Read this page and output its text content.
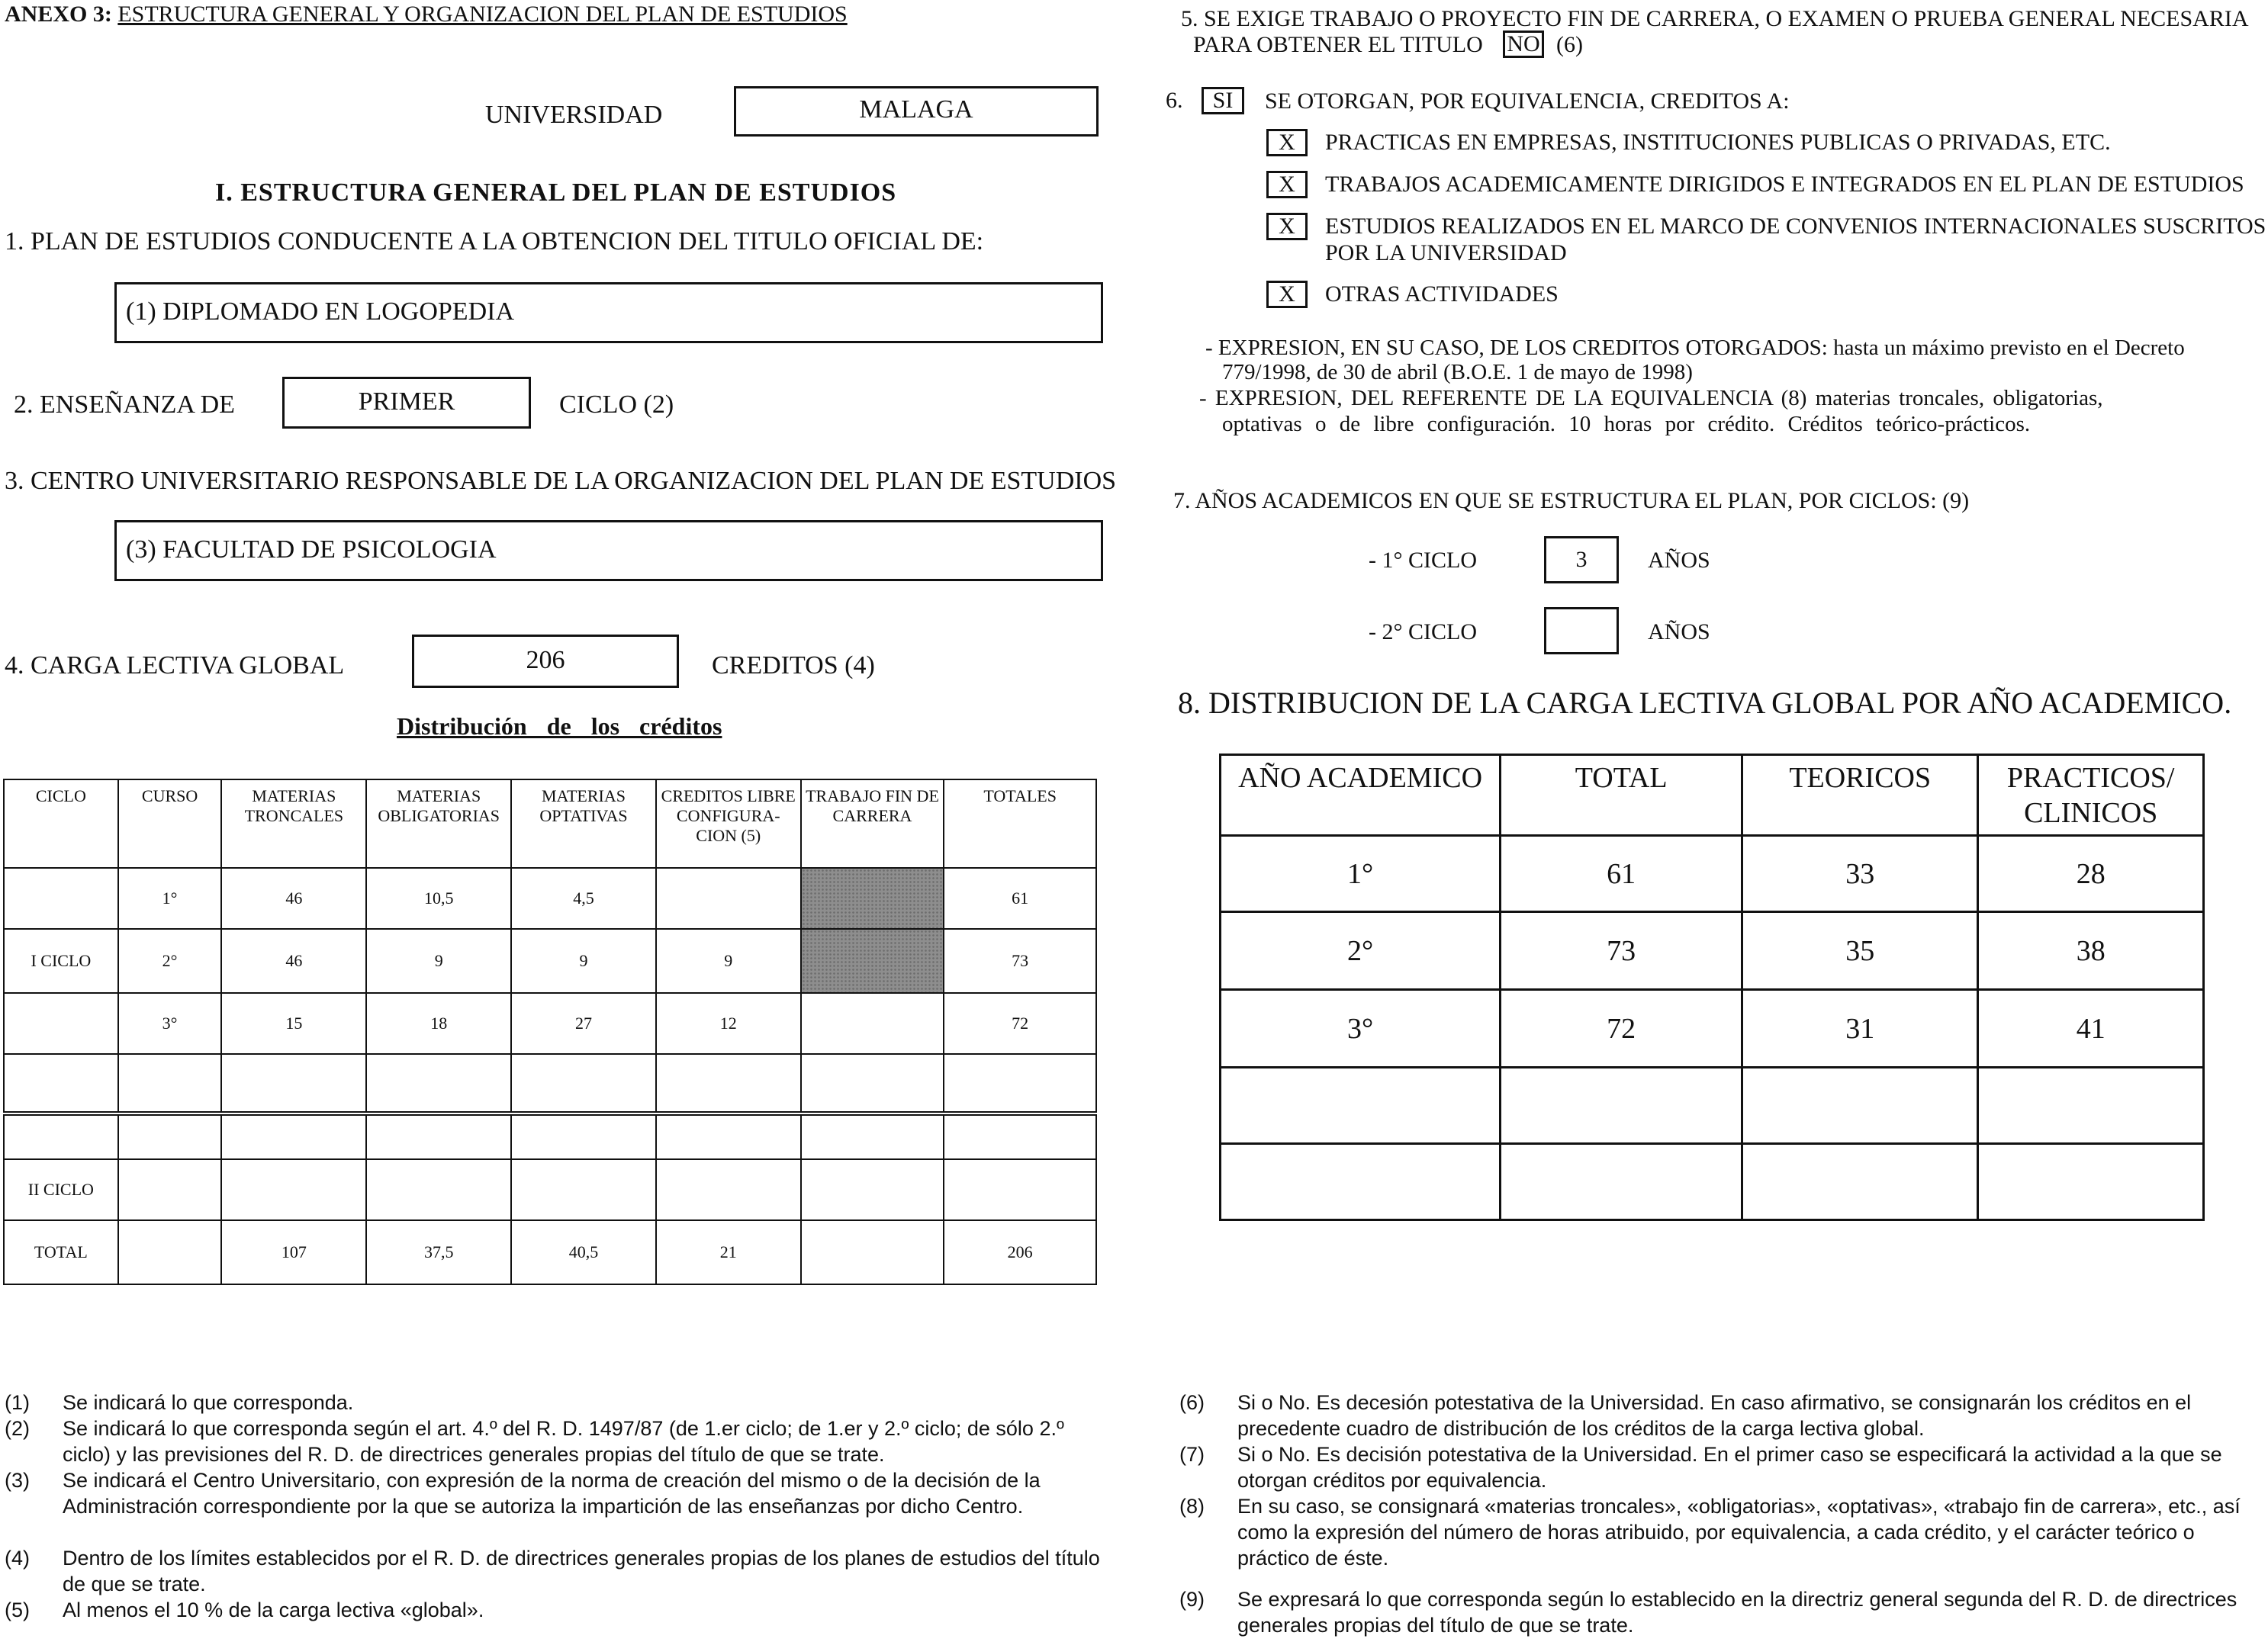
ANEXO 3: ESTRUCTURA GENERAL Y ORGANIZACION DEL PLAN DE ESTUDIOS
UNIVERSIDAD	MALAGA
I. ESTRUCTURA GENERAL DEL PLAN DE ESTUDIOS
1. PLAN DE ESTUDIOS CONDUCENTE A LA OBTENCION DEL TITULO OFICIAL DE:
(1) DIPLOMADO EN LOGOPEDIA
2. ENSEÑANZA DE	PRIMER	CICLO (2)
3. CENTRO UNIVERSITARIO RESPONSABLE DE LA ORGANIZACION DEL PLAN DE ESTUDIOS
(3) FACULTAD DE PSICOLOGIA
4. CARGA LECTIVA GLOBAL	206	CREDITOS (4)
Distribución de los créditos
CICLO	CURSO	MATERIAS TRONCALES	MATERIAS OBLIGATORIAS	MATERIAS OPTATIVAS	CREDITOS LIBRE CONFIGURA- CION (5)	TRABAJO FIN DE CARRERA	TOTALES
	1°	46	10,5	4,5			61
I CICLO	2°	46	9	9	9		73
	3°	15	18	27	12		72

II CICLO							
TOTAL		107	37,5	40,5	21		206
5. SE EXIGE TRABAJO O PROYECTO FIN DE CARRERA, O EXAMEN O PRUEBA GENERAL NECESARIA
PARA OBTENER EL TITULO NO (6)
6.	SI	SE OTORGAN, POR EQUIVALENCIA, CREDITOS A:
X	PRACTICAS EN EMPRESAS, INSTITUCIONES PUBLICAS O PRIVADAS, ETC.
X	TRABAJOS ACADEMICAMENTE DIRIGIDOS E INTEGRADOS EN EL PLAN DE ESTUDIOS
X	ESTUDIOS REALIZADOS EN EL MARCO DE CONVENIOS INTERNACIONALES SUSCRITOS
POR LA UNIVERSIDAD
X	OTRAS ACTIVIDADES
- EXPRESION, EN SU CASO, DE LOS CREDITOS OTORGADOS: hasta un máximo previsto en el Decreto
779/1998, de 30 de abril (B.O.E. 1 de mayo de 1998)
- EXPRESION, DEL REFERENTE DE LA EQUIVALENCIA (8) materias troncales, obligatorias,
optativas o de libre configuración. 10 horas por crédito. Créditos teórico-prácticos.
7. AÑOS ACADEMICOS EN QUE SE ESTRUCTURA EL PLAN, POR CICLOS: (9)
- 1° CICLO	3	AÑOS
- 2° CICLO	AÑOS
8. DISTRIBUCION DE LA CARGA LECTIVA GLOBAL POR AÑO ACADEMICO.
AÑO ACADEMICO	TOTAL	TEORICOS	PRACTICOS/ CLINICOS
1°	61	33	28
2°	73	35	38
3°	72	31	41

(1) Se indicará lo que corresponda.
(2) Se indicará lo que corresponda según el art. 4.º del R. D. 1497/87 (de 1.er ciclo; de 1.er y 2.º ciclo; de sólo 2.º ciclo) y las previsiones del R. D. de directrices generales propias del título de que se trate.
(3) Se indicará el Centro Universitario, con expresión de la norma de creación del mismo o de la decisión de la Administración correspondiente por la que se autoriza la impartición de las enseñanzas por dicho Centro.
(4) Dentro de los límites establecidos por el R. D. de directrices generales propias de los planes de estudios del título de que se trate.
(5) Al menos el 10 % de la carga lectiva «global».
(6) Si o No. Es decesión potestativa de la Universidad. En caso afirmativo, se consignarán los créditos en el precedente cuadro de distribución de los créditos de la carga lectiva global.
(7) Si o No. Es decisión potestativa de la Universidad. En el primer caso se especificará la actividad a la que se otorgan créditos por equivalencia.
(8) En su caso, se consignará «materias troncales», «obligatorias», «optativas», «trabajo fin de carrera», etc., así como la expresión del número de horas atribuido, por equivalencia, a cada crédito, y el carácter teórico o práctico de éste.
(9) Se expresará lo que corresponda según lo establecido en la directriz general segunda del R. D. de directrices generales propias del título de que se trate.
